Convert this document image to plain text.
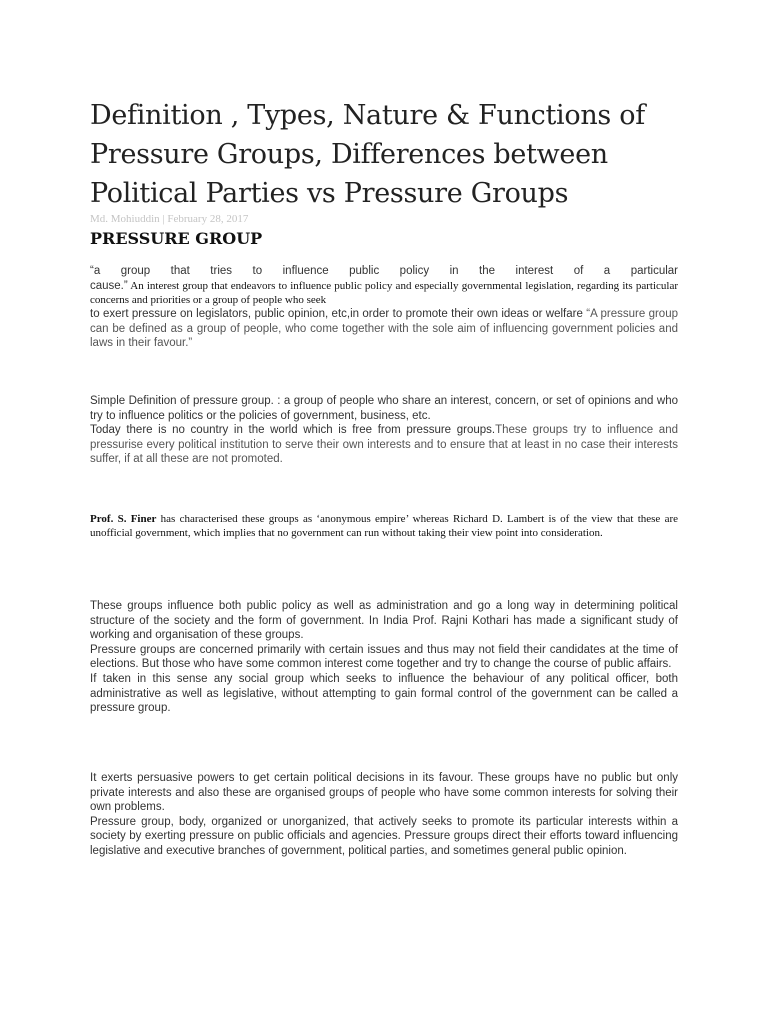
Definition , Types, Nature & Functions of Pressure Groups, Differences between Political Parties vs Pressure Groups
Md. Mohiuddin | February 28, 2017
PRESSURE GROUP
“a group that tries to influence public policy in the interest of a particular
cause.” An interest group that endeavors to influence public policy and especially governmental legislation, regarding its particular concerns and priorities or a group of people who seek
to exert pressure on legislators, public opinion, etc,in order to promote their own ideas or welfare “A pressure group can be defined as a group of people, who come together with the sole aim of influencing government policies and laws in their favour.”
Simple Definition of pressure group. : a group of people who share an interest, concern, or set of opinions and who try to influence politics or the policies of government, business, etc.
Today there is no country in the world which is free from pressure groups.These groups try to influence and pressurise every political institution to serve their own interests and to ensure that at least in no case their interests suffer, if at all these are not promoted.
Prof. S. Finer has characterised these groups as ‘anonymous empire’ whereas Richard D. Lambert is of the view that these are unofficial government, which implies that no government can run without taking their view point into consideration.
These groups influence both public policy as well as administration and go a long way in determining political structure of the society and the form of government. In India Prof. Rajni Kothari has made a significant study of working and organisation of these groups.
Pressure groups are concerned primarily with certain issues and thus may not field their candidates at the time of elections. But those who have some common interest come together and try to change the course of public affairs.
If taken in this sense any social group which seeks to influence the behaviour of any political officer, both administrative as well as legislative, without attempting to gain formal control of the government can be called a pressure group.
It exerts persuasive powers to get certain political decisions in its favour. These groups have no public but only private interests and also these are organised groups of people who have some common interests for solving their own problems.
Pressure group, body, organized or unorganized, that actively seeks to promote its particular interests within a society by exerting pressure on public officials and agencies. Pressure groups direct their efforts toward influencing legislative and executive branches of government, political parties, and sometimes general public opinion.
